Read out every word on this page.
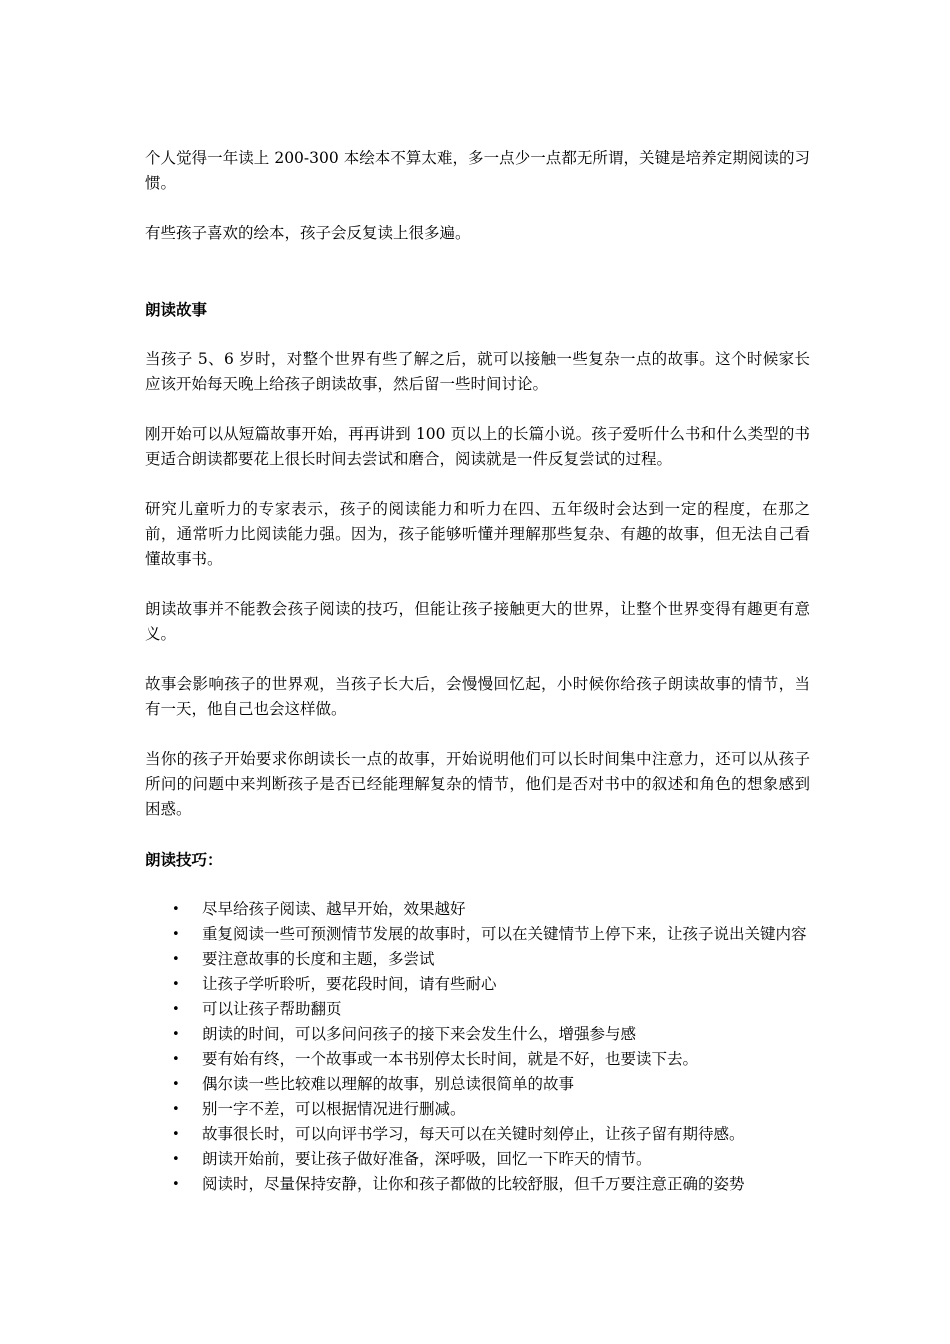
个人觉得一年读上 200-300 本绘本不算太难，多一点少一点都无所谓，关键是培养定期阅读的习惯。

有些孩子喜欢的绘本，孩子会反复读上很多遍。

朗读故事

当孩子 5、6 岁时，对整个世界有些了解之后，就可以接触一些复杂一点的故事。这个时候家长应该开始每天晚上给孩子朗读故事，然后留一些时间讨论。

刚开始可以从短篇故事开始，再再讲到 100 页以上的长篇小说。孩子爱听什么书和什么类型的书更适合朗读都要花上很长时间去尝试和磨合，阅读就是一件反复尝试的过程。

研究儿童听力的专家表示，孩子的阅读能力和听力在四、五年级时会达到一定的程度，在那之前，通常听力比阅读能力强。因为，孩子能够听懂并理解那些复杂、有趣的故事，但无法自己看懂故事书。

朗读故事并不能教会孩子阅读的技巧，但能让孩子接触更大的世界，让整个世界变得有趣更有意义。

故事会影响孩子的世界观，当孩子长大后，会慢慢回忆起，小时候你给孩子朗读故事的情节，当有一天，他自己也会这样做。

当你的孩子开始要求你朗读长一点的故事，开始说明他们可以长时间集中注意力，还可以从孩子所问的问题中来判断孩子是否已经能理解复杂的情节，他们是否对书中的叙述和角色的想象感到困惑。

朗读技巧：

• 尽早给孩子阅读、越早开始，效果越好
• 重复阅读一些可预测情节发展的故事时，可以在关键情节上停下来，让孩子说出关键内容
• 要注意故事的长度和主题，多尝试
• 让孩子学听聆听，要花段时间，请有些耐心
• 可以让孩子帮助翻页
• 朗读的时间，可以多问问孩子的接下来会发生什么，增强参与感
• 要有始有终，一个故事或一本书别停太长时间，就是不好，也要读下去。
• 偶尔读一些比较难以理解的故事，别总读很简单的故事
• 别一字不差，可以根据情况进行删减。
• 故事很长时，可以向评书学习，每天可以在关键时刻停止，让孩子留有期待感。
• 朗读开始前，要让孩子做好准备，深呼吸，回忆一下昨天的情节。
• 阅读时，尽量保持安静，让你和孩子都做的比较舒服，但千万要注意正确的姿势
